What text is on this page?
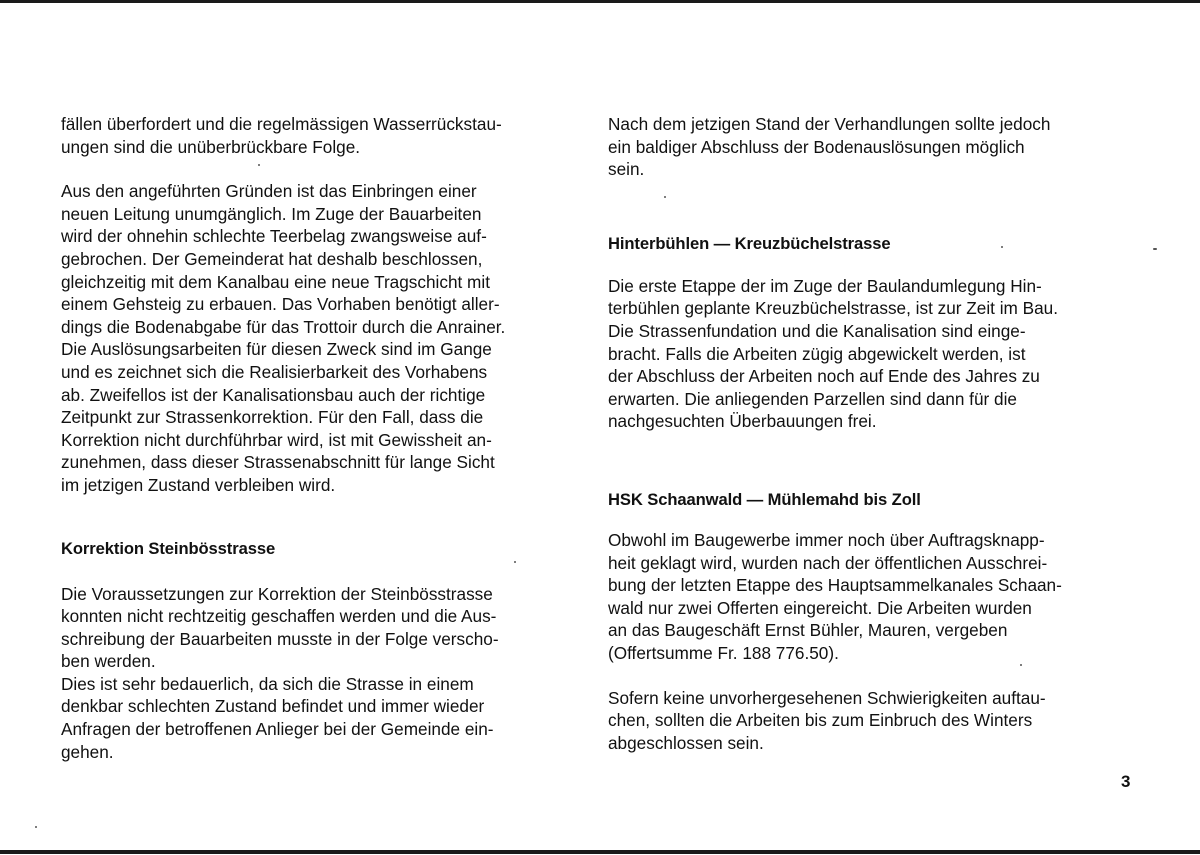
fällen überfordert und die regelmässigen Wasserrückstau-
ungen sind die unüberbrückbare Folge.

Aus den angeführten Gründen ist das Einbringen einer
neuen Leitung unumgänglich. Im Zuge der Bauarbeiten
wird der ohnehin schlechte Teerbelag zwangsweise auf-
gebrochen. Der Gemeinderat hat deshalb beschlossen,
gleichzeitig mit dem Kanalbau eine neue Tragschicht mit
einem Gehsteig zu erbauen. Das Vorhaben benötigt aller-
dings die Bodenabgabe für das Trottoir durch die Anrainer.
Die Auslösungsarbeiten für diesen Zweck sind im Gange
und es zeichnet sich die Realisierbarkeit des Vorhabens
ab. Zweifellos ist der Kanalisationsbau auch der richtige
Zeitpunkt zur Strassenkorrektion. Für den Fall, dass die
Korrektion nicht durchführbar wird, ist mit Gewissheit an-
zunehmen, dass dieser Strassenabschnitt für lange Sicht
im jetzigen Zustand verbleiben wird.

Korrektion Steinbösstrasse

Die Voraussetzungen zur Korrektion der Steinbösstrasse
konnten nicht rechtzeitig geschaffen werden und die Aus-
schreibung der Bauarbeiten musste in der Folge verscho-
ben werden.

Dies ist sehr bedauerlich, da sich die Strasse in einem
denkbar schlechten Zustand befindet und immer wieder
Anfragen der betroffenen Anlieger bei der Gemeinde ein-
gehen.

Nach dem jetzigen Stand der Verhandlungen sollte jedoch
ein baldiger Abschluss der Bodenauslösungen möglich
sein.

Hinterbühlen — Kreuzbüchelstrasse

Die erste Etappe der im Zuge der Baulandumlegung Hin-
terbühlen geplante Kreuzbüchelstrasse, ist zur Zeit im Bau.
Die Strassenfundation und die Kanalisation sind einge-
bracht. Falls die Arbeiten zügig abgewickelt werden, ist
der Abschluss der Arbeiten noch auf Ende des Jahres zu
erwarten. Die anliegenden Parzellen sind dann für die
nachgesuchten Überbauungen frei.

HSK Schaanwald — Mühlemahd bis Zoll

Obwohl im Baugewerbe immer noch über Auftragsknapp-
heit geklagt wird, wurden nach der öffentlichen Ausschrei-
bung der letzten Etappe des Hauptsammelkanales Schaan-
wald nur zwei Offerten eingereicht. Die Arbeiten wurden
an das Baugeschäft Ernst Bühler, Mauren, vergeben
(Offertsumme Fr. 188 776.50).

Sofern keine unvorhergesehenen Schwierigkeiten auftau-
chen, sollten die Arbeiten bis zum Einbruch des Winters
abgeschlossen sein.

3
